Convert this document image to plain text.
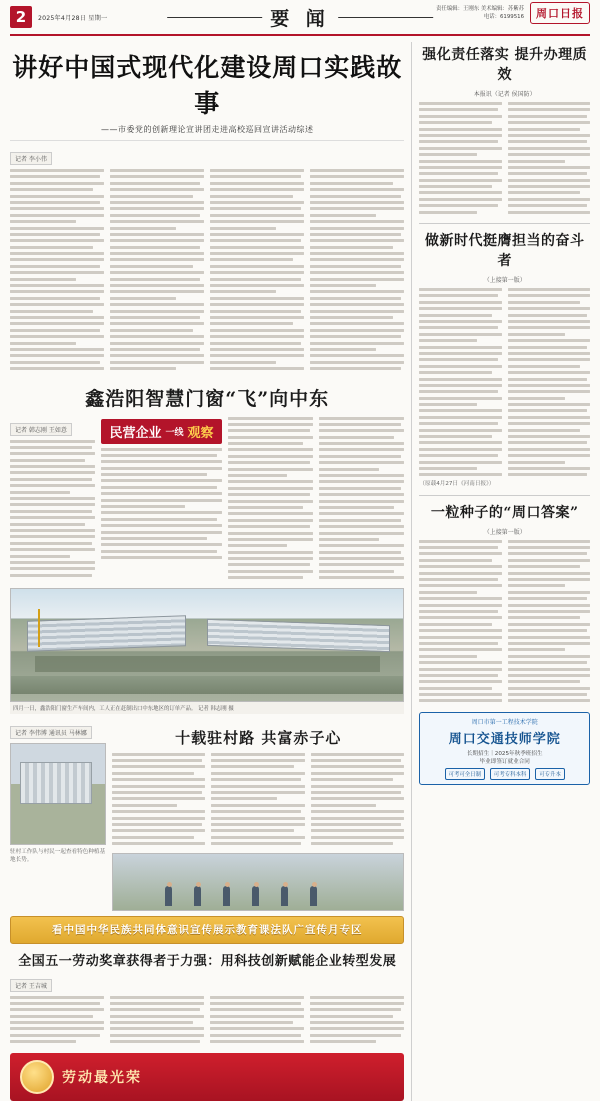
2	2025年4月28日 星期一	要 闻	责任编辑：王刚东 美术编辑：苏紫苏
电话：6199516	周口日报
讲好中国式现代化建设周口实践故事
——市委党的创新理论宣讲团走进高校巡回宣讲活动综述
记者 李小伟
鑫浩阳智慧门窗“飞”向中东
记者 韩志刚 王如意	民营企业 一线 观察
四月一日，鑫浩阳门窗生产车间内，工人正在赶制出口中东地区的订单产品。 记者 韩志刚 摄
记者 李伟博 通讯员 马林娜
驻村工作队与村民一起查看特色种植基地长势。
十载驻村路 共富赤子心
看中国中华民族共同体意识宣传展示教育课法队广宣传月专区
全国五一劳动奖章获得者于力强：用科技创新赋能企业转型发展
记者 王吉城
劳动最光荣
强化责任落实 提升办理质效
本报讯（记者 侯国防）
做新时代挺膺担当的奋斗者
（上接第一版）
（原载4月27日《河南日报》）
一粒种子的“周口答案”
（上接第一版）
周口市第一工程技术学院
周口交通技师学院
长期招生｜2025年秋季班招生
毕业即签订就业合同
可考可全日制	可考专科本科	可专升本
